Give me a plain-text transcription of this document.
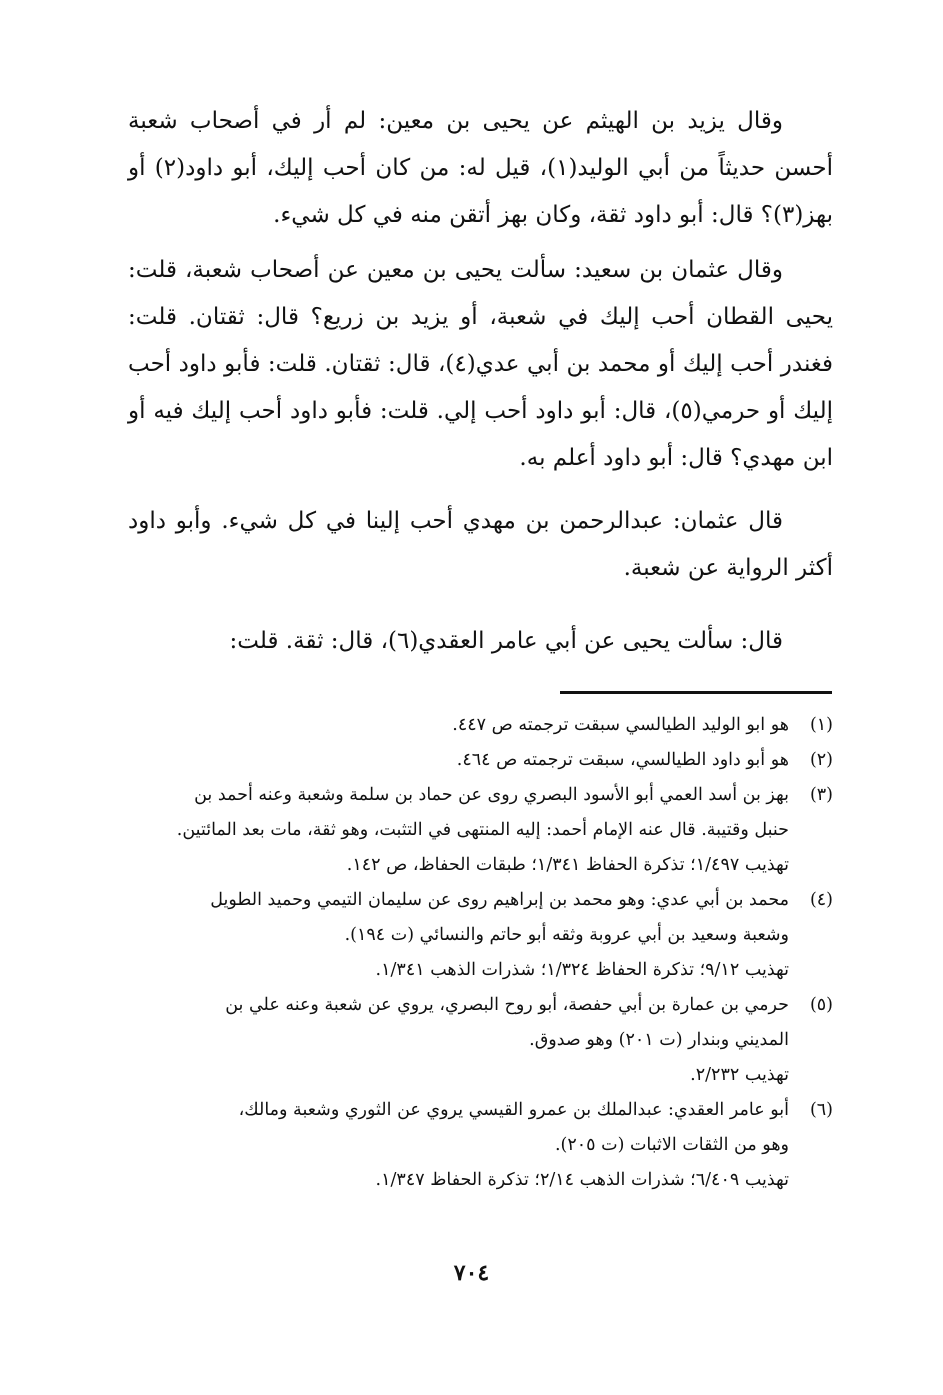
وقال يزيد بن الهيثم عن يحيى بن معين: لم أر في أصحاب شعبة أحسن حديثاً من أبي الوليد(١)، قيل له: من كان أحب إليك، أبو داود(٢) أو بهز(٣)؟ قال: أبو داود ثقة، وكان بهز أتقن منه في كل شيء.

وقال عثمان بن سعيد: سألت يحيى بن معين عن أصحاب شعبة، قلت: يحيى القطان أحب إليك في شعبة، أو يزيد بن زريع؟ قال: ثقتان. قلت: فغندر أحب إليك أو محمد بن أبي عدي(٤)، قال: ثقتان. قلت: فأبو داود أحب إليك أو حرمي(٥)، قال: أبو داود أحب إلي. قلت: فأبو داود أحب إليك فيه أو ابن مهدي؟ قال: أبو داود أعلم به.

قال عثمان: عبدالرحمن بن مهدي أحب إلينا في كل شيء. وأبو داود أكثر الرواية عن شعبة.

قال: سألت يحيى عن أبي عامر العقدي(٦)، قال: ثقة. قلت:

(١)
هو ابو الوليد الطيالسي سبقت ترجمته ص ٤٤٧.
(٢)
هو أبو داود الطيالسي، سبقت ترجمته ص ٤٦٤.
(٣)
بهز بن أسد العمي أبو الأسود البصري روى عن حماد بن سلمة وشعبة وعنه أحمد بن
حنبل وقتيبة. قال عنه الإمام أحمد: إليه المنتهى في التثبت، وهو ثقة، مات بعد المائتين.
تهذيب ١/٤٩٧؛ تذكرة الحفاظ ١/٣٤١؛ طبقات الحفاظ، ص ١٤٢.
(٤)
محمد بن أبي عدي: وهو محمد بن إبراهيم روى عن سليمان التيمي وحميد الطويل
وشعبة وسعيد بن أبي عروبة وثقه أبو حاتم والنسائي (ت ١٩٤).
تهذيب ٩/١٢؛ تذكرة الحفاظ ١/٣٢٤؛ شذرات الذهب ١/٣٤١.
(٥)
حرمي بن عمارة بن أبي حفصة، أبو روح البصري، يروي عن شعبة وعنه علي بن
المديني وبندار (ت ٢٠١) وهو صدوق.
تهذيب ٢/٢٣٢.
(٦)
أبو عامر العقدي: عبدالملك بن عمرو القيسي يروي عن الثوري وشعبة ومالك،
وهو من الثقات الاثبات (ت ٢٠٥).
تهذيب ٦/٤٠٩؛ شذرات الذهب ٢/١٤؛ تذكرة الحفاظ ١/٣٤٧.
٧٠٤
